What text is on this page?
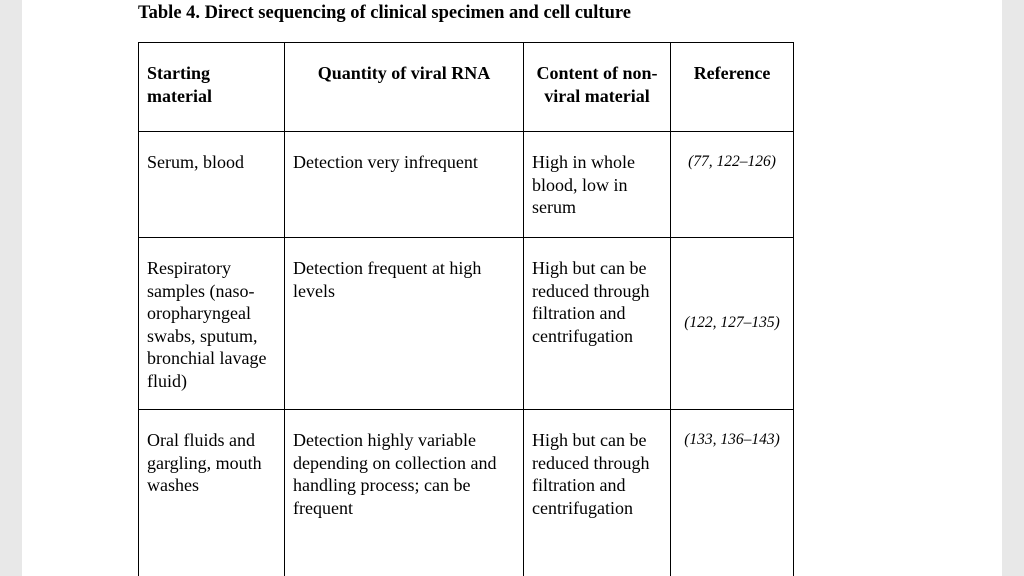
Table 4. Direct sequencing of clinical specimen and cell culture
Starting material	Quantity of viral RNA	Content of non-viral material	Reference
Serum, blood	Detection very infrequent	High in whole blood, low in serum	(77, 122–126)
Respiratory samples (naso-oropharyngeal swabs, sputum, bronchial lavage fluid)	Detection frequent at high levels	High but can be reduced through filtration and centrifugation	(122, 127–135)
Oral fluids and gargling, mouth washes	Detection highly variable depending on collection and handling process; can be frequent	High but can be reduced through filtration and centrifugation	(133, 136–143)
